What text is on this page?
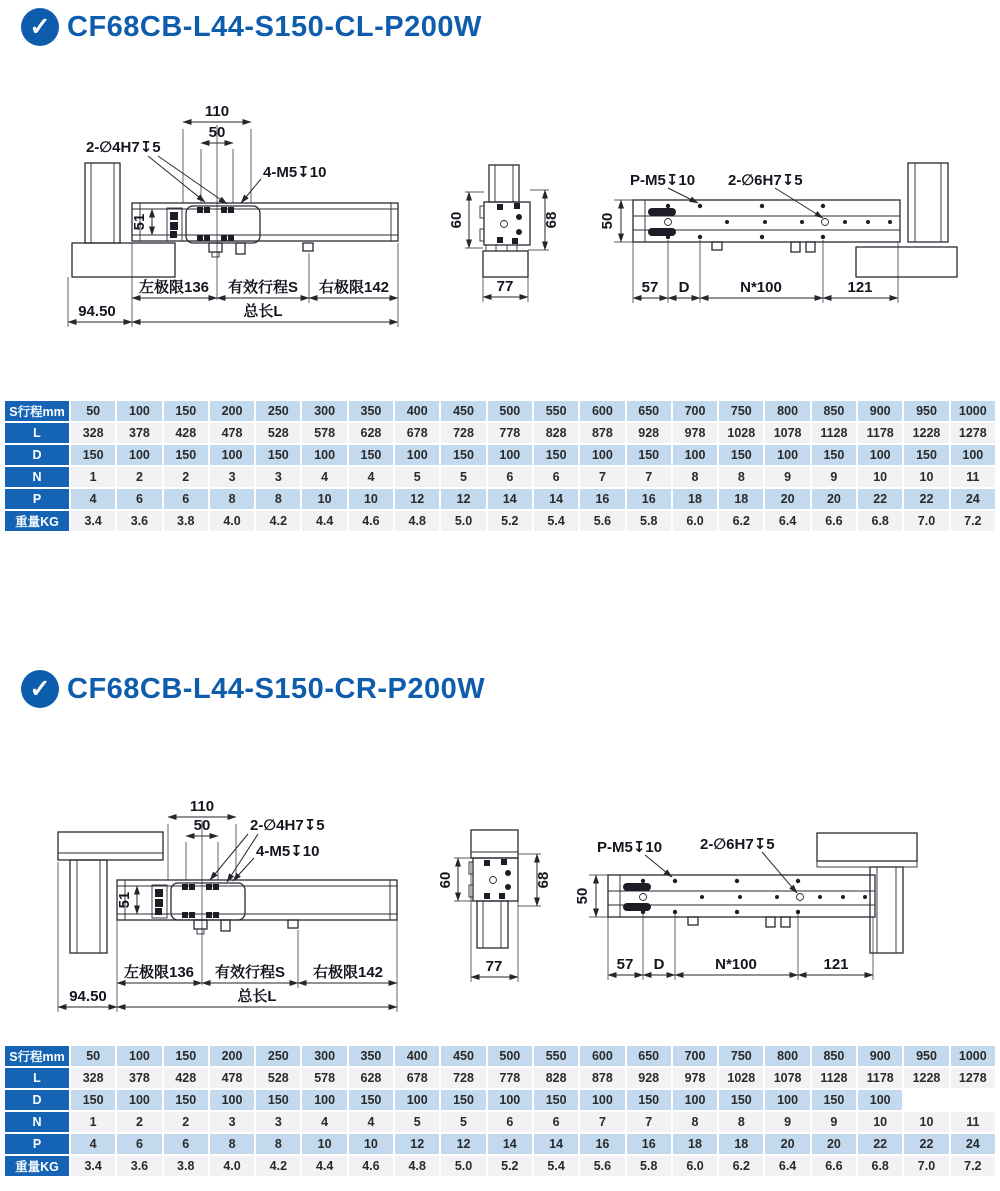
✓ CF68CB-L44-S150-CL-P200W
110
50
2-∅4H7↧5
4-M5↧10
51
左极限136 有效行程S 右极限142
94.50	总长L
60	68
77
P-M5↧10 2-∅6H7↧5
50
57 D	N*100	121
S行程mm	50	100	150	200	250	300	350	400	450	500	550	600	650	700	750	800	850	900	950	1000
L	328	378	428	478	528	578	628	678	728	778	828	878	928	978	1028	1078	1128	1178	1228	1278
D	150	100	150	100	150	100	150	100	150	100	150	100	150	100	150	100	150	100	150	100
N	1	2	2	3	3	4	4	5	5	6	6	7	7	8	8	9	9	10	10	11
P	4	6	6	8	8	10	10	12	12	14	14	16	16	18	18	20	20	22	22	24
重量KG	3.4	3.6	3.8	4.0	4.2	4.4	4.6	4.8	5.0	5.2	5.4	5.6	5.8	6.0	6.2	6.4	6.6	6.8	7.0	7.2
✓ CF68CB-L44-S150-CR-P200W
110
50	2-∅4H7↧5
4-M5↧10
51
左极限136 有效行程S 右极限142
94.50	总长L
60	68
77
P-M5↧10	2-∅6H7↧5
50
57 D	N*100	121
S行程mm	50	100	150	200	250	300	350	400	450	500	550	600	650	700	750	800	850	900	950	1000
L	328	378	428	478	528	578	628	678	728	778	828	878	928	978	1028	1078	1128	1178	1228	1278
D	150	100	150	100	150	100	150	100	150	100	150	100	150	100	150	100	150	100		
N	1	2	2	3	3	4	4	5	5	6	6	7	7	8	8	9	9	10	10	11
P	4	6	6	8	8	10	10	12	12	14	14	16	16	18	18	20	20	22	22	24
重量KG	3.4	3.6	3.8	4.0	4.2	4.4	4.6	4.8	5.0	5.2	5.4	5.6	5.8	6.0	6.2	6.4	6.6	6.8	7.0	7.2
